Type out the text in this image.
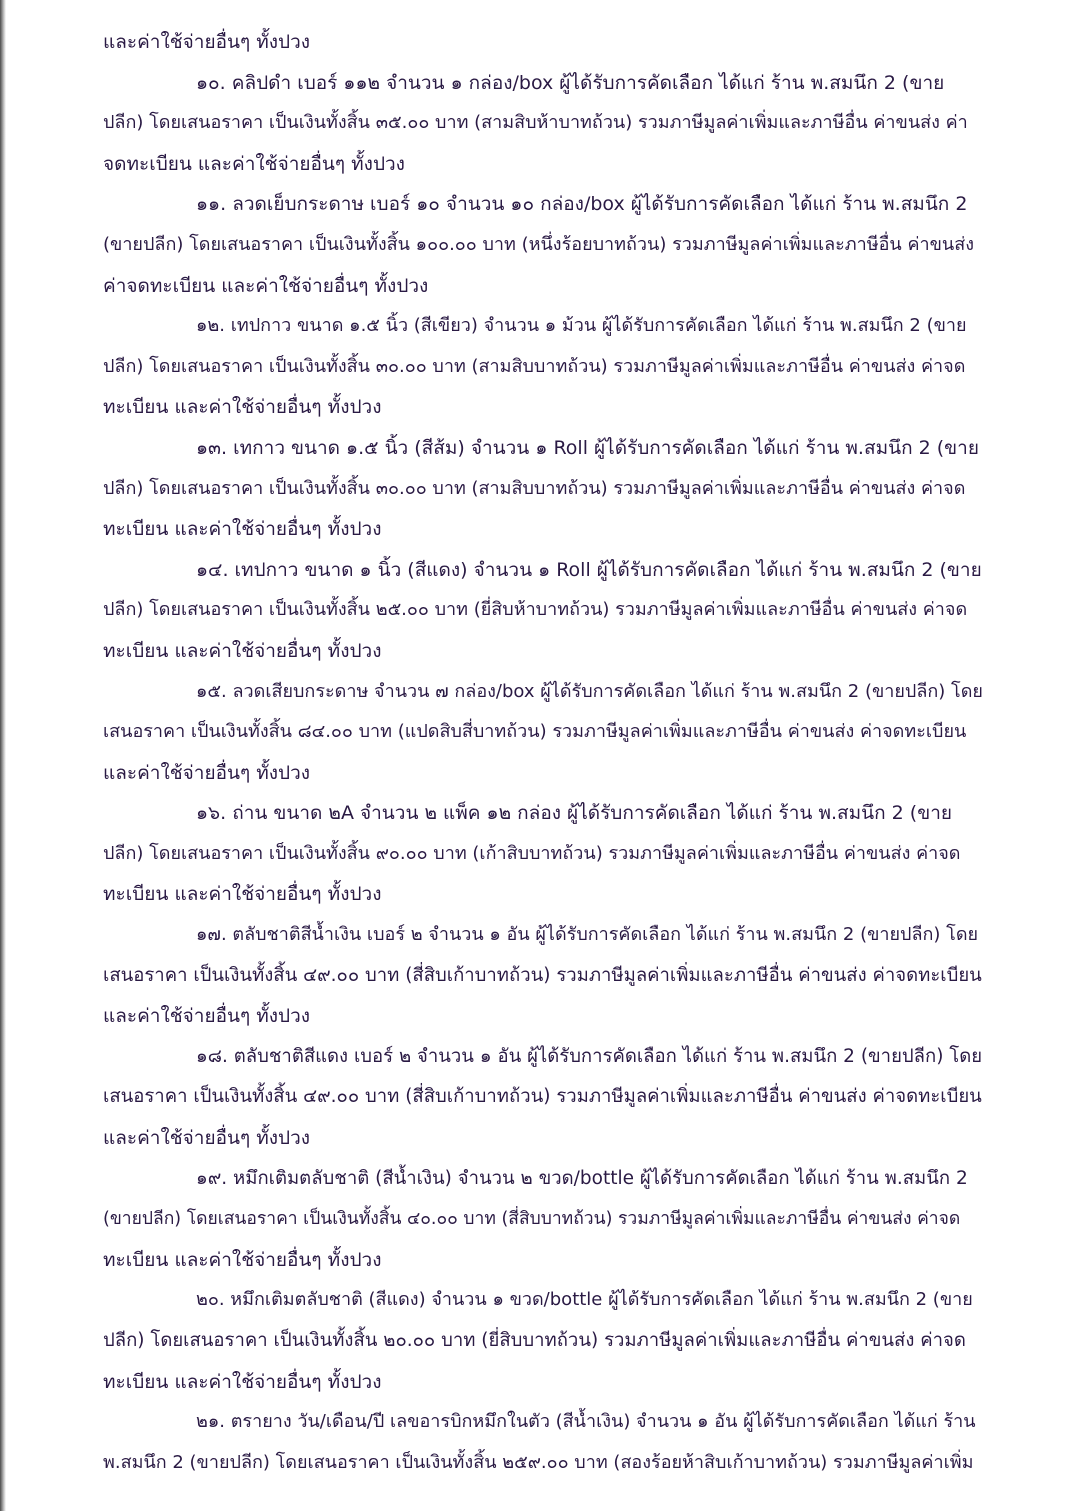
และค่าใช้จ่ายอื่นๆ ทั้งปวง
๑๐. คลิปดำ เบอร์ ๑๑๒ จำนวน ๑ กล่อง/box ผู้ได้รับการคัดเลือก ได้แก่ ร้าน พ.สมนึก 2 (ขาย
ปลีก) โดยเสนอราคา เป็นเงินทั้งสิ้น ๓๕.๐๐ บาท (สามสิบห้าบาทถ้วน) รวมภาษีมูลค่าเพิ่มและภาษีอื่น ค่าขนส่ง ค่า
จดทะเบียน และค่าใช้จ่ายอื่นๆ ทั้งปวง
๑๑. ลวดเย็บกระดาษ เบอร์ ๑๐ จำนวน ๑๐ กล่อง/box ผู้ได้รับการคัดเลือก ได้แก่ ร้าน พ.สมนึก 2
(ขายปลีก) โดยเสนอราคา เป็นเงินทั้งสิ้น ๑๐๐.๐๐ บาท (หนึ่งร้อยบาทถ้วน) รวมภาษีมูลค่าเพิ่มและภาษีอื่น ค่าขนส่ง
ค่าจดทะเบียน และค่าใช้จ่ายอื่นๆ ทั้งปวง
๑๒. เทปกาว ขนาด ๑.๕ นิ้ว (สีเขียว) จำนวน ๑ ม้วน ผู้ได้รับการคัดเลือก ได้แก่ ร้าน พ.สมนึก 2 (ขาย
ปลีก) โดยเสนอราคา เป็นเงินทั้งสิ้น ๓๐.๐๐ บาท (สามสิบบาทถ้วน) รวมภาษีมูลค่าเพิ่มและภาษีอื่น ค่าขนส่ง ค่าจด
ทะเบียน และค่าใช้จ่ายอื่นๆ ทั้งปวง
๑๓. เทกาว ขนาด ๑.๕ นิ้ว (สีส้ม) จำนวน ๑ Roll ผู้ได้รับการคัดเลือก ได้แก่ ร้าน พ.สมนึก 2 (ขาย
ปลีก) โดยเสนอราคา เป็นเงินทั้งสิ้น ๓๐.๐๐ บาท (สามสิบบาทถ้วน) รวมภาษีมูลค่าเพิ่มและภาษีอื่น ค่าขนส่ง ค่าจด
ทะเบียน และค่าใช้จ่ายอื่นๆ ทั้งปวง
๑๔. เทปกาว ขนาด ๑ นิ้ว (สีแดง) จำนวน ๑ Roll ผู้ได้รับการคัดเลือก ได้แก่ ร้าน พ.สมนึก 2 (ขาย
ปลีก) โดยเสนอราคา เป็นเงินทั้งสิ้น ๒๕.๐๐ บาท (ยี่สิบห้าบาทถ้วน) รวมภาษีมูลค่าเพิ่มและภาษีอื่น ค่าขนส่ง ค่าจด
ทะเบียน และค่าใช้จ่ายอื่นๆ ทั้งปวง
๑๕. ลวดเสียบกระดาษ จำนวน ๗ กล่อง/box ผู้ได้รับการคัดเลือก ได้แก่ ร้าน พ.สมนึก 2 (ขายปลีก) โดย
เสนอราคา เป็นเงินทั้งสิ้น ๘๔.๐๐ บาท (แปดสิบสี่บาทถ้วน) รวมภาษีมูลค่าเพิ่มและภาษีอื่น ค่าขนส่ง ค่าจดทะเบียน
และค่าใช้จ่ายอื่นๆ ทั้งปวง
๑๖. ถ่าน ขนาด ๒A จำนวน ๒ แพ็ค ๑๒ กล่อง ผู้ได้รับการคัดเลือก ได้แก่ ร้าน พ.สมนึก 2 (ขาย
ปลีก) โดยเสนอราคา เป็นเงินทั้งสิ้น ๙๐.๐๐ บาท (เก้าสิบบาทถ้วน) รวมภาษีมูลค่าเพิ่มและภาษีอื่น ค่าขนส่ง ค่าจด
ทะเบียน และค่าใช้จ่ายอื่นๆ ทั้งปวง
๑๗. ตลับชาติสีน้ำเงิน เบอร์ ๒ จำนวน ๑ อัน ผู้ได้รับการคัดเลือก ได้แก่ ร้าน พ.สมนึก 2 (ขายปลีก) โดย
เสนอราคา เป็นเงินทั้งสิ้น ๔๙.๐๐ บาท (สี่สิบเก้าบาทถ้วน) รวมภาษีมูลค่าเพิ่มและภาษีอื่น ค่าขนส่ง ค่าจดทะเบียน
และค่าใช้จ่ายอื่นๆ ทั้งปวง
๑๘. ตลับชาติสีแดง เบอร์ ๒ จำนวน ๑ อัน ผู้ได้รับการคัดเลือก ได้แก่ ร้าน พ.สมนึก 2 (ขายปลีก) โดย
เสนอราคา เป็นเงินทั้งสิ้น ๔๙.๐๐ บาท (สี่สิบเก้าบาทถ้วน) รวมภาษีมูลค่าเพิ่มและภาษีอื่น ค่าขนส่ง ค่าจดทะเบียน
และค่าใช้จ่ายอื่นๆ ทั้งปวง
๑๙. หมึกเติมตลับชาติ (สีน้ำเงิน) จำนวน ๒ ขวด/bottle ผู้ได้รับการคัดเลือก ได้แก่ ร้าน พ.สมนึก 2
(ขายปลีก) โดยเสนอราคา เป็นเงินทั้งสิ้น ๔๐.๐๐ บาท (สี่สิบบาทถ้วน) รวมภาษีมูลค่าเพิ่มและภาษีอื่น ค่าขนส่ง ค่าจด
ทะเบียน และค่าใช้จ่ายอื่นๆ ทั้งปวง
๒๐. หมึกเติมตลับชาติ (สีแดง) จำนวน ๑ ขวด/bottle ผู้ได้รับการคัดเลือก ได้แก่ ร้าน พ.สมนึก 2 (ขาย
ปลีก) โดยเสนอราคา เป็นเงินทั้งสิ้น ๒๐.๐๐ บาท (ยี่สิบบาทถ้วน) รวมภาษีมูลค่าเพิ่มและภาษีอื่น ค่าขนส่ง ค่าจด
ทะเบียน และค่าใช้จ่ายอื่นๆ ทั้งปวง
๒๑. ตรายาง วัน/เดือน/ปี เลขอารบิกหมึกในตัว (สีน้ำเงิน) จำนวน ๑ อัน ผู้ได้รับการคัดเลือก ได้แก่ ร้าน
พ.สมนึก 2 (ขายปลีก) โดยเสนอราคา เป็นเงินทั้งสิ้น ๒๕๙.๐๐ บาท (สองร้อยห้าสิบเก้าบาทถ้วน) รวมภาษีมูลค่าเพิ่ม
